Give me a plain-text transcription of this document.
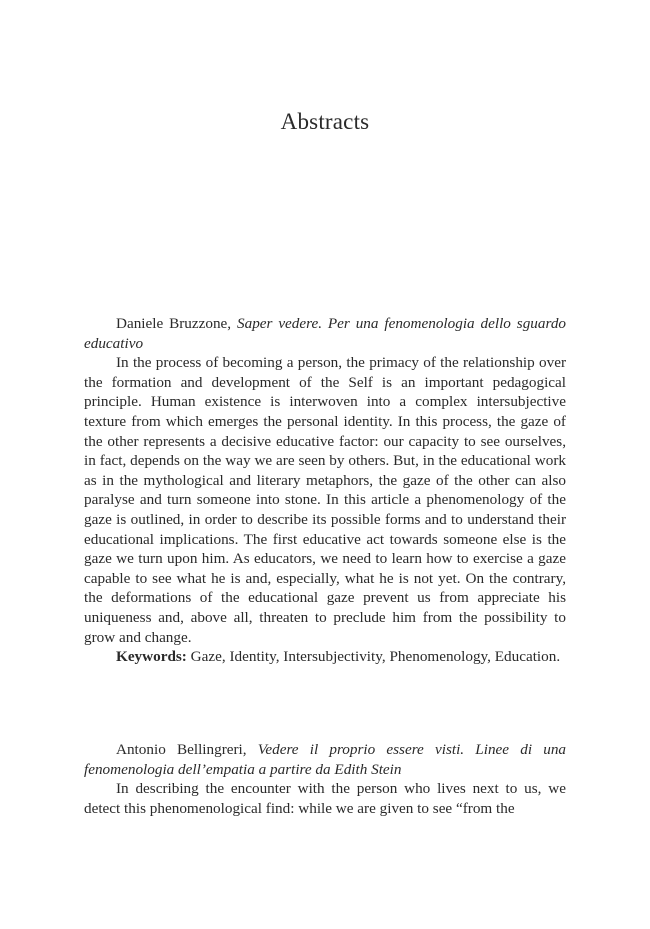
Abstracts
Daniele Bruzzone, Saper vedere. Per una fenomenologia dello sguardo educativo

In the process of becoming a person, the primacy of the relationship over the formation and development of the Self is an important pedagogical principle. Human existence is interwoven into a complex intersubjective texture from which emerges the personal identity. In this process, the gaze of the other represents a decisive educative factor: our capacity to see ourselves, in fact, depends on the way we are seen by others. But, in the educational work as in the mythological and literary metaphors, the gaze of the other can also paralyse and turn someone into stone. In this article a phenomenology of the gaze is outlined, in order to describe its possible forms and to understand their educational implications. The first educative act towards someone else is the gaze we turn upon him. As educators, we need to learn how to exercise a gaze capable to see what he is and, especially, what he is not yet. On the contrary, the deformations of the educational gaze prevent us from appreciate his uniqueness and, above all, threaten to preclude him from the possibility to grow and change.

Keywords: Gaze, Identity, Intersubjectivity, Phenomenology, Education.

Antonio Bellingreri, Vedere il proprio essere visti. Linee di una fenomenologia dell’empatia a partire da Edith Stein

In describing the encounter with the person who lives next to us, we detect this phenomenological find: while we are given to see “from the
